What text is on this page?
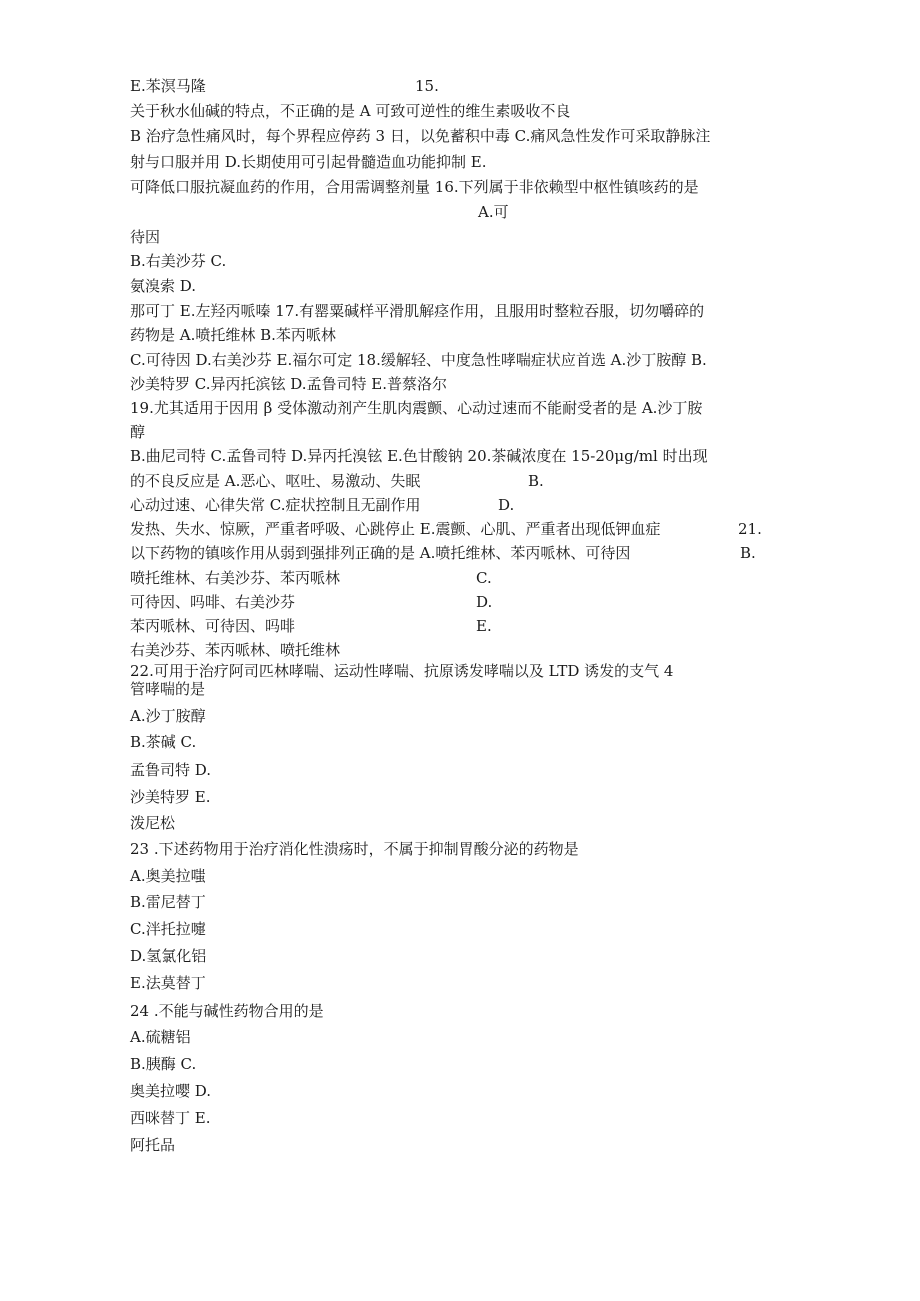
E.苯溟马隆	15.
关于秋水仙碱的特点，不正确的是 A 可致可逆性的维生素吸收不良
B 治疗急性痛风时，每个界程应停药 3 日，以免蓄积中毒 C.痛风急性发作可采取静脉注
射与口服并用 D.长期使用可引起骨髓造血功能抑制 E.
可降低口服抗凝血药的作用，合用需调整剂量 16.下列属于非依赖型中枢性镇咳药的是
A.可
待因
B.右美沙芬 C.
氨溴索 D.
那可丁 E.左羟丙哌嗪 17.有罂粟碱样平滑肌解痉作用，且服用时整粒吞服，切勿嚼碎的
药物是 A.喷托维林 B.苯丙哌林
C.可待因 D.右美沙芬 E.福尔可定 18.缓解轻、中度急性哮喘症状应首选 A.沙丁胺醇 B.
沙美特罗 C.异丙托滨铉 D.孟鲁司特 E.普蔡洛尔
19.尤其适用于因用 β 受体激动剂产生肌肉震颤、心动过速而不能耐受者的是 A.沙丁胺
醇
B.曲尼司特 C.孟鲁司特 D.异丙托溴铉 E.色甘酸钠 20.茶碱浓度在 15-20μg/ml 时出现
的不良反应是 A.恶心、呕吐、易激动、失眠	B.
心动过速、心律失常 C.症状控制且无副作用	D.
发热、失水、惊厥，严重者呼吸、心跳停止 E.震颤、心肌、严重者出现低钾血症	21.
以下药物的镇咳作用从弱到强排列正确的是 A.喷托维林、苯丙哌林、可待因	B.
喷托维林、右美沙芬、苯丙哌林	C.
可待因、吗啡、右美沙芬	D.
苯丙哌林、可待因、吗啡	E.
右美沙芬、苯丙哌林、喷托维林
22.可用于治疗阿司匹林哮喘、运动性哮喘、抗原诱发哮喘以及 LTD 诱发的支气 4
管哮喘的是
A.沙丁胺醇
B.茶碱 C.
孟鲁司特 D.
沙美特罗 E.
泼尼松
23 .下述药物用于治疗消化性溃疡时，不属于抑制胃酸分泌的药物是
A.奥美拉嗤
B.雷尼替丁
C.泮托拉嚏
D.氢氯化铝
E.法莫替丁
24 .不能与碱性药物合用的是
A.硫糖铝
B.胰酶 C.
奥美拉嘤 D.
西咪替丁 E.
阿托品
